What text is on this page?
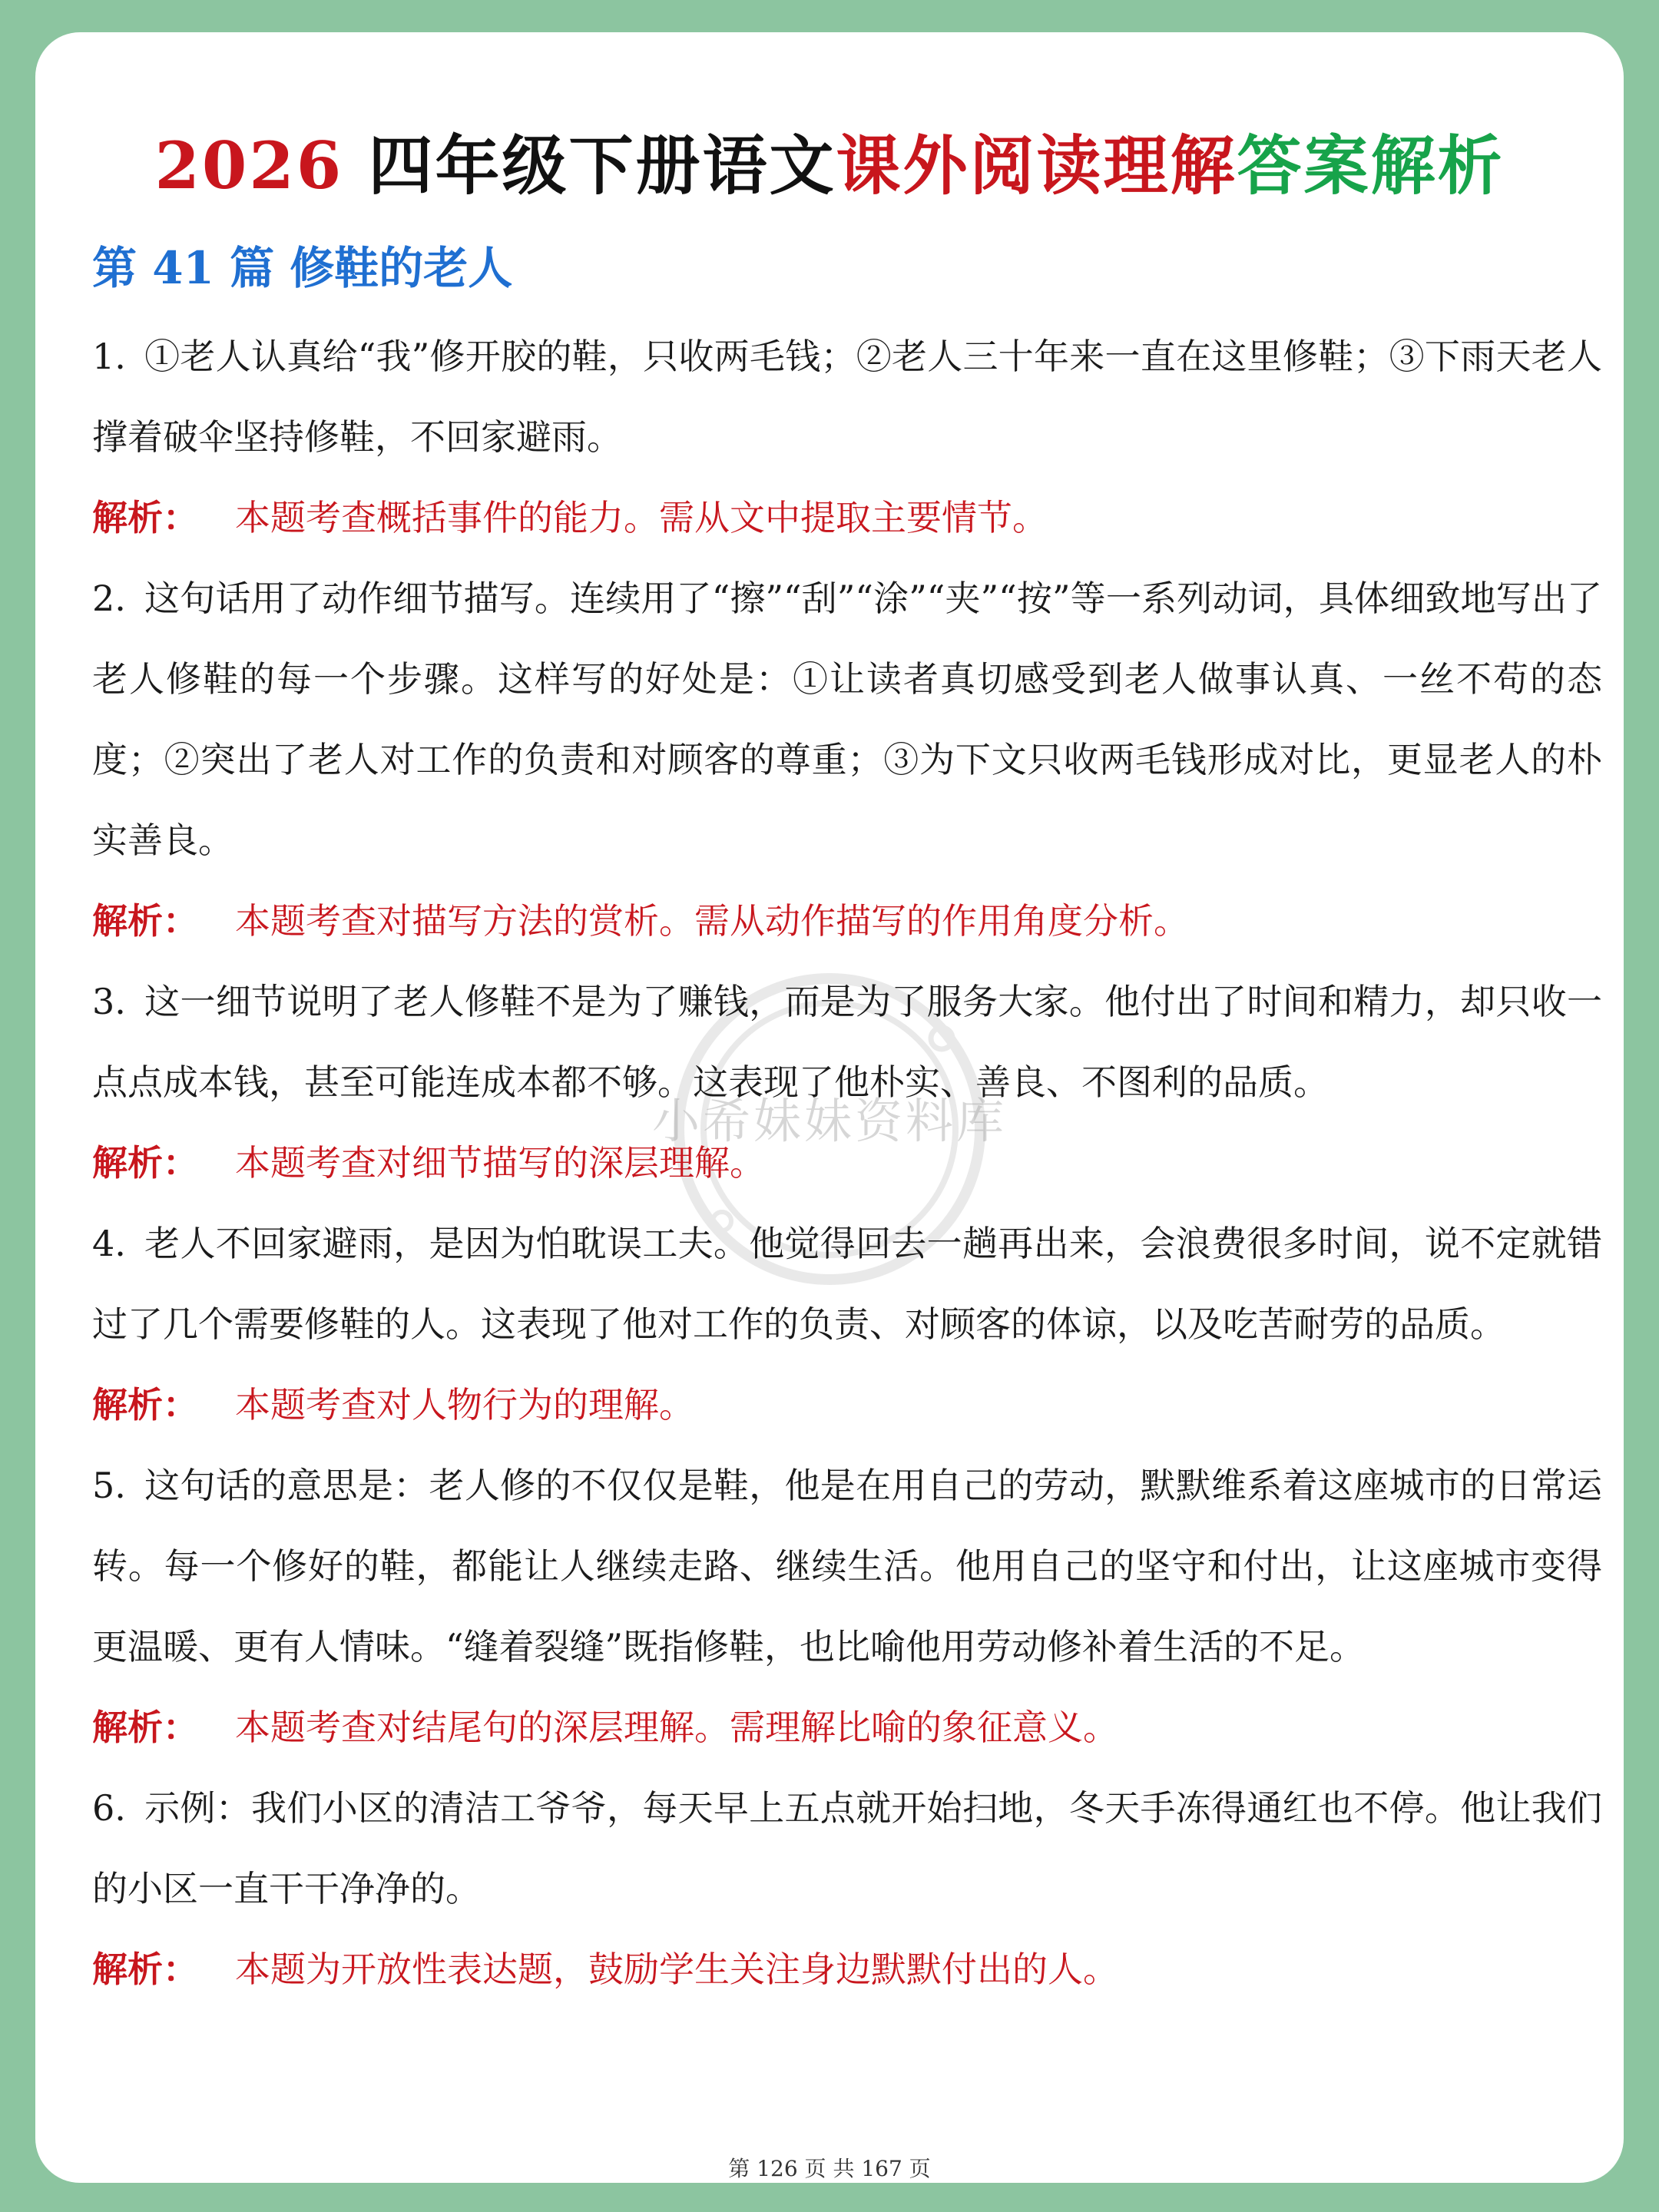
2026 四年级下册语文课外阅读理解答案解析
第 41 篇 修鞋的老人
小希妹妹资料库

1. ①老人认真给“我”修开胶的鞋，只收两毛钱；②老人三十年来一直在这里修鞋；③下雨天老人撑着破伞坚持修鞋，不回家避雨。

解析： 本题考查概括事件的能力。需从文中提取主要情节。

2. 这句话用了动作细节描写。连续用了“擦”“刮”“涂”“夹”“按”等一系列动词，具体细致地写出了老人修鞋的每一个步骤。这样写的好处是：①让读者真切感受到老人做事认真、一丝不苟的态度；②突出了老人对工作的负责和对顾客的尊重；③为下文只收两毛钱形成对比，更显老人的朴实善良。

解析： 本题考查对描写方法的赏析。需从动作描写的作用角度分析。

3. 这一细节说明了老人修鞋不是为了赚钱，而是为了服务大家。他付出了时间和精力，却只收一点点成本钱，甚至可能连成本都不够。这表现了他朴实、善良、不图利的品质。

解析： 本题考查对细节描写的深层理解。

4. 老人不回家避雨，是因为怕耽误工夫。他觉得回去一趟再出来，会浪费很多时间，说不定就错过了几个需要修鞋的人。这表现了他对工作的负责、对顾客的体谅，以及吃苦耐劳的品质。

解析： 本题考查对人物行为的理解。

5. 这句话的意思是：老人修的不仅仅是鞋，他是在用自己的劳动，默默维系着这座城市的日常运转。每一个修好的鞋，都能让人继续走路、继续生活。他用自己的坚守和付出，让这座城市变得更温暖、更有人情味。“缝着裂缝”既指修鞋，也比喻他用劳动修补着生活的不足。

解析： 本题考查对结尾句的深层理解。需理解比喻的象征意义。

6. 示例：我们小区的清洁工爷爷，每天早上五点就开始扫地，冬天手冻得通红也不停。他让我们的小区一直干干净净的。

解析： 本题为开放性表达题，鼓励学生关注身边默默付出的人。

第 126 页 共 167 页
